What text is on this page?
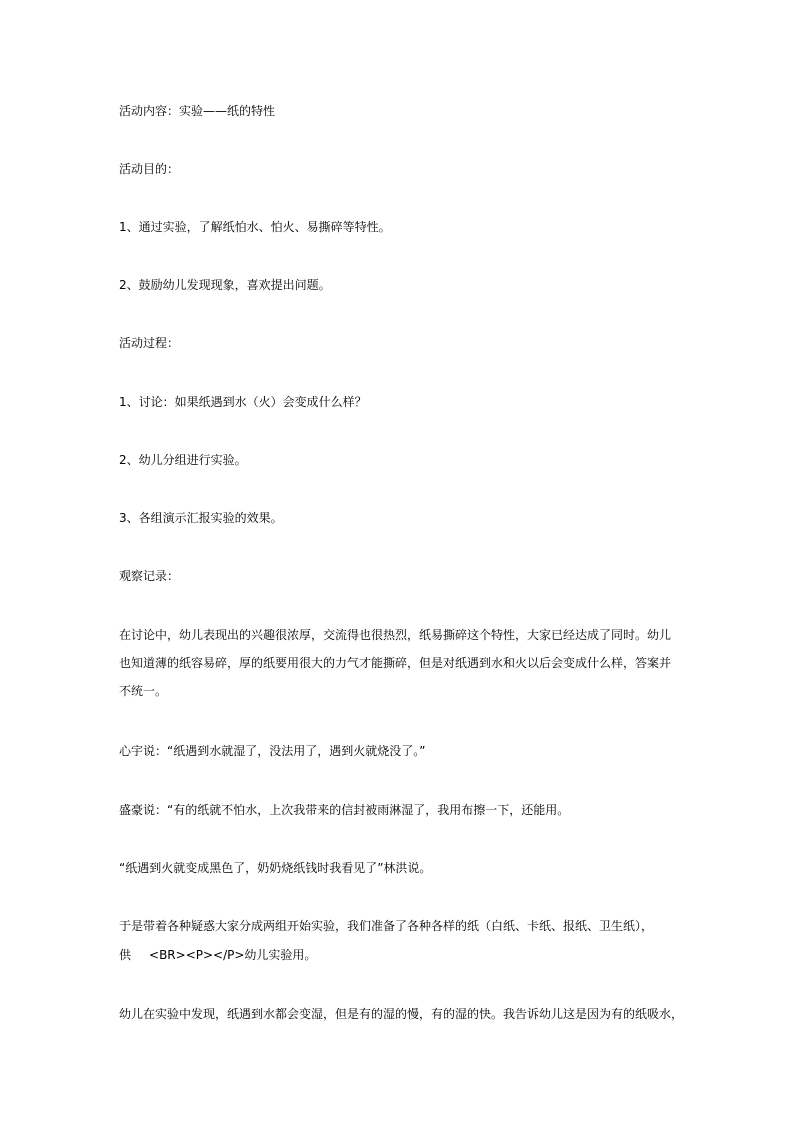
活动内容：实验——纸的特性
活动目的：
1、通过实验，了解纸怕水、怕火、易撕碎等特性。
2、鼓励幼儿发现现象，喜欢提出问题。
活动过程：
1、讨论：如果纸遇到水（火）会变成什么样？
2、幼儿分组进行实验。
3、各组演示汇报实验的效果。
观察记录：
在讨论中，幼儿表现出的兴趣很浓厚，交流得也很热烈，纸易撕碎这个特性，大家已经达成了同时。幼儿也知道薄的纸容易碎，厚的纸要用很大的力气才能撕碎，但是对纸遇到水和火以后会变成什么样，答案并不统一。
心宇说：“纸遇到水就湿了，没法用了，遇到火就烧没了。”
盛豪说：“有的纸就不怕水，上次我带来的信封被雨淋湿了，我用布擦一下，还能用。
“纸遇到火就变成黑色了，奶奶烧纸钱时我看见了”林洪说。
于是带着各种疑惑大家分成两组开始实验，我们准备了各种各样的纸（白纸、卡纸、报纸、卫生纸），
供 <BR><P></P>幼儿实验用。
幼儿在实验中发现，纸遇到水都会变湿，但是有的湿的慢，有的湿的快。我告诉幼儿这是因为有的纸吸水，
